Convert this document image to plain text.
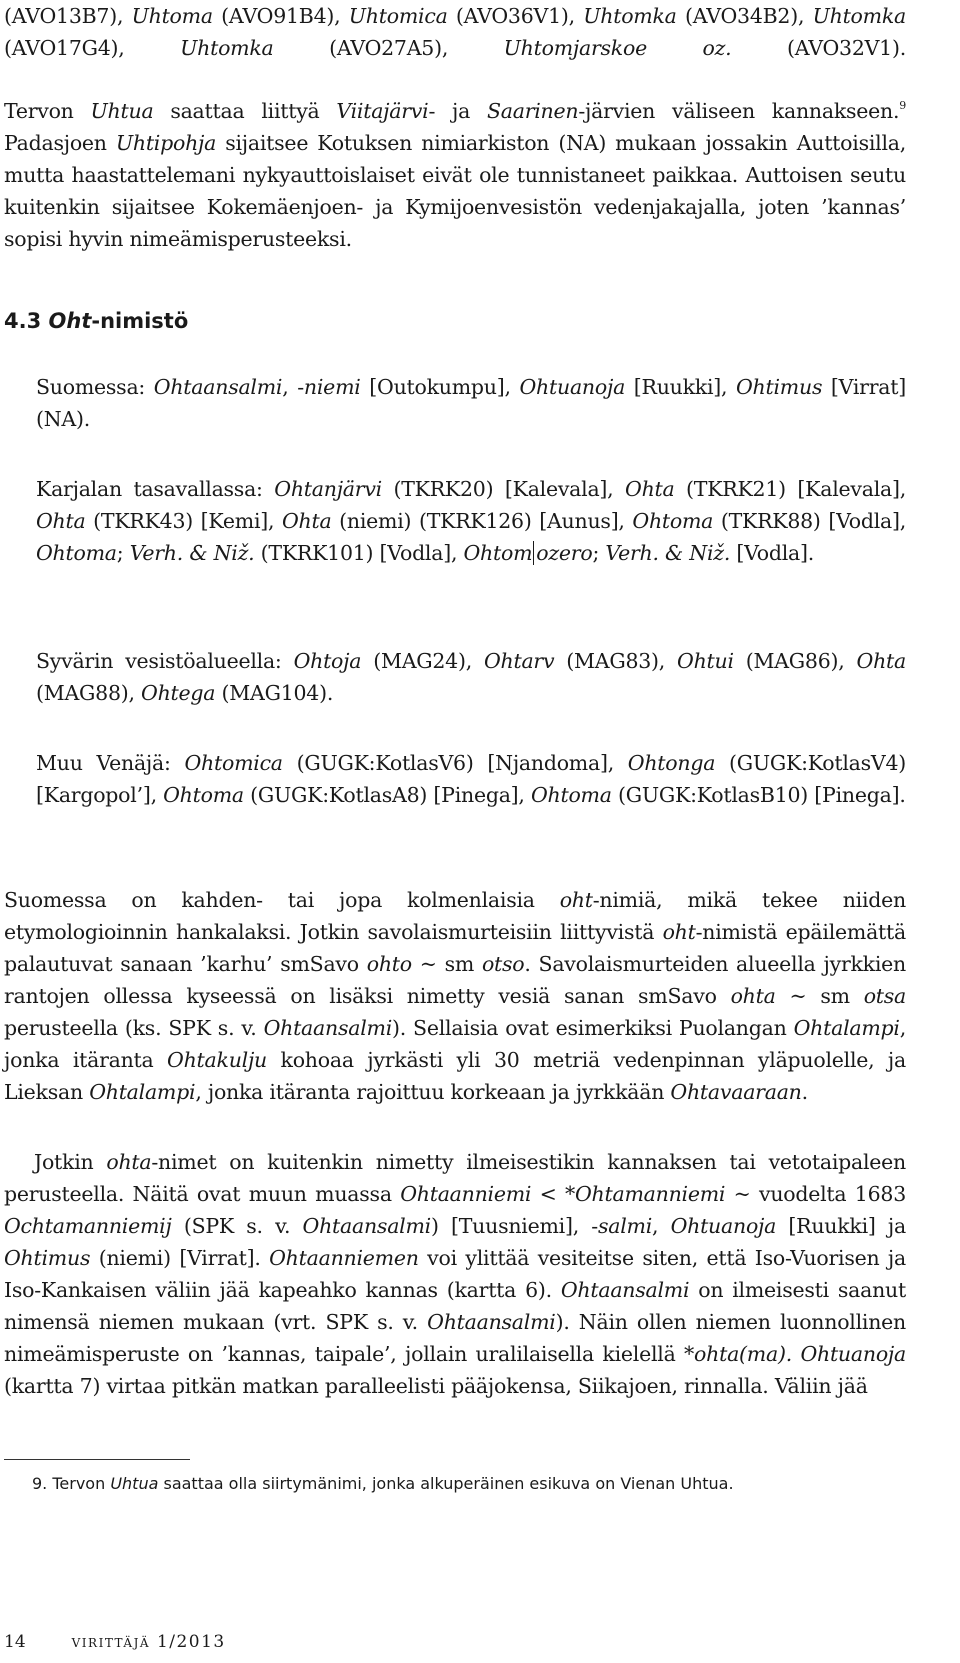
(AVO13B7), Uhtoma (AVO91B4), Uhtomica (AVO36V1), Uhtomka (AVO34B2), Uhtomka (AVO17G4), Uhtomka (AVO27A5), Uhtomjarskoe oz. (AVO32V1).

Tervon Uhtua saattaa liittyä Viitajärvi- ja Saarinen-järvien väliseen kannakseen.$^9$ Padasjoen Uhtipohja sijaitsee Kotuksen nimiarkiston (NA) mukaan jossakin Auttoisilla, mutta haastattelemani nykyauttoislaiset eivät ole tunnistaneet paikkaa. Auttoisen seutu kuitenkin sijaitsee Kokemäenjoen- ja Kymijoenvesistön vedenjakajalla, joten ’kannas’ sopisi hyvin nimeämisperusteeksi.

4.3 Oht-nimistö

Suomessa: Ohtaansalmi, -niemi [Outokumpu], Ohtuanoja [Ruukki], Ohtimus [Virrat] (NA).

Karjalan tasavallassa: Ohtanjärvi (TKRK20) [Kalevala], Ohta (TKRK21) [Kalevala], Ohta (TKRK43) [Kemi], Ohta (niemi) (TKRK126) [Aunus], Ohtoma (TKRK88) [Vodla], Ohtoma; Verh. & Niž. (TKRK101) [Vodla], Ohtom ozero; Verh. & Niž. [Vodla].

Syvärin vesistöalueella: Ohtoja (MAG24), Ohtarv (MAG83), Ohtui (MAG86), Ohta (MAG88), Ohtega (MAG104).

Muu Venäjä: Ohtomica (GUGK:KotlasV6) [Njandoma], Ohtonga (GUGK:KotlasV4) [Kargopol’], Ohtoma (GUGK:KotlasA8) [Pinega], Ohtoma (GUGK:KotlasB10) [Pinega].

Suomessa on kahden- tai jopa kolmenlaisia oht-nimiä, mikä tekee niiden etymologioinnin hankalaksi. Jotkin savolaismurteisiin liittyvistä oht-nimistä epäilemättä palautuvat sanaan ’karhu’ smSavo ohto ~ sm otso. Savolaismurteiden alueella jyrkkien rantojen ollessa kyseessä on lisäksi nimetty vesiä sanan smSavo ohta ~ sm otsa perusteella (ks. SPK s. v. Ohtaansalmi). Sellaisia ovat esimerkiksi Puolangan Ohtalampi, jonka itäranta Ohtakulju kohoaa jyrkästi yli 30 metriä vedenpinnan yläpuolelle, ja Lieksan Ohtalampi, jonka itäranta rajoittuu korkeaan ja jyrkkään Ohtavaaraan.

Jotkin ohta-nimet on kuitenkin nimetty ilmeisestikin kannaksen tai vetotaipaleen perusteella. Näitä ovat muun muassa Ohtaanniemi < *Ohtamanniemi ~ vuodelta 1683 Ochtamanniemij (SPK s. v. Ohtaansalmi) [Tuusniemi], -salmi, Ohtuanoja [Ruukki] ja Ohtimus (niemi) [Virrat]. Ohtaanniemen voi ylittää vesiteitse siten, että Iso-Vuorisen ja Iso-Kankaisen väliin jää kapeahko kannas (kartta 6). Ohtaansalmi on ilmeisesti saanut nimensä niemen mukaan (vrt. SPK s. v. Ohtaansalmi). Näin ollen niemen luonnollinen nimeämisperuste on ’kannas, taipale’, jollain uralilaisella kielellä *ohta(ma). Ohtuanoja (kartta 7) virtaa pitkän matkan paralleelisti pääjokensa, Siikajoen, rinnalla. Väliin jää

9. Tervon Uhtua saattaa olla siirtymänimi, jonka alkuperäinen esikuva on Vienan Uhtua.

14	virittäjä 1/2013
